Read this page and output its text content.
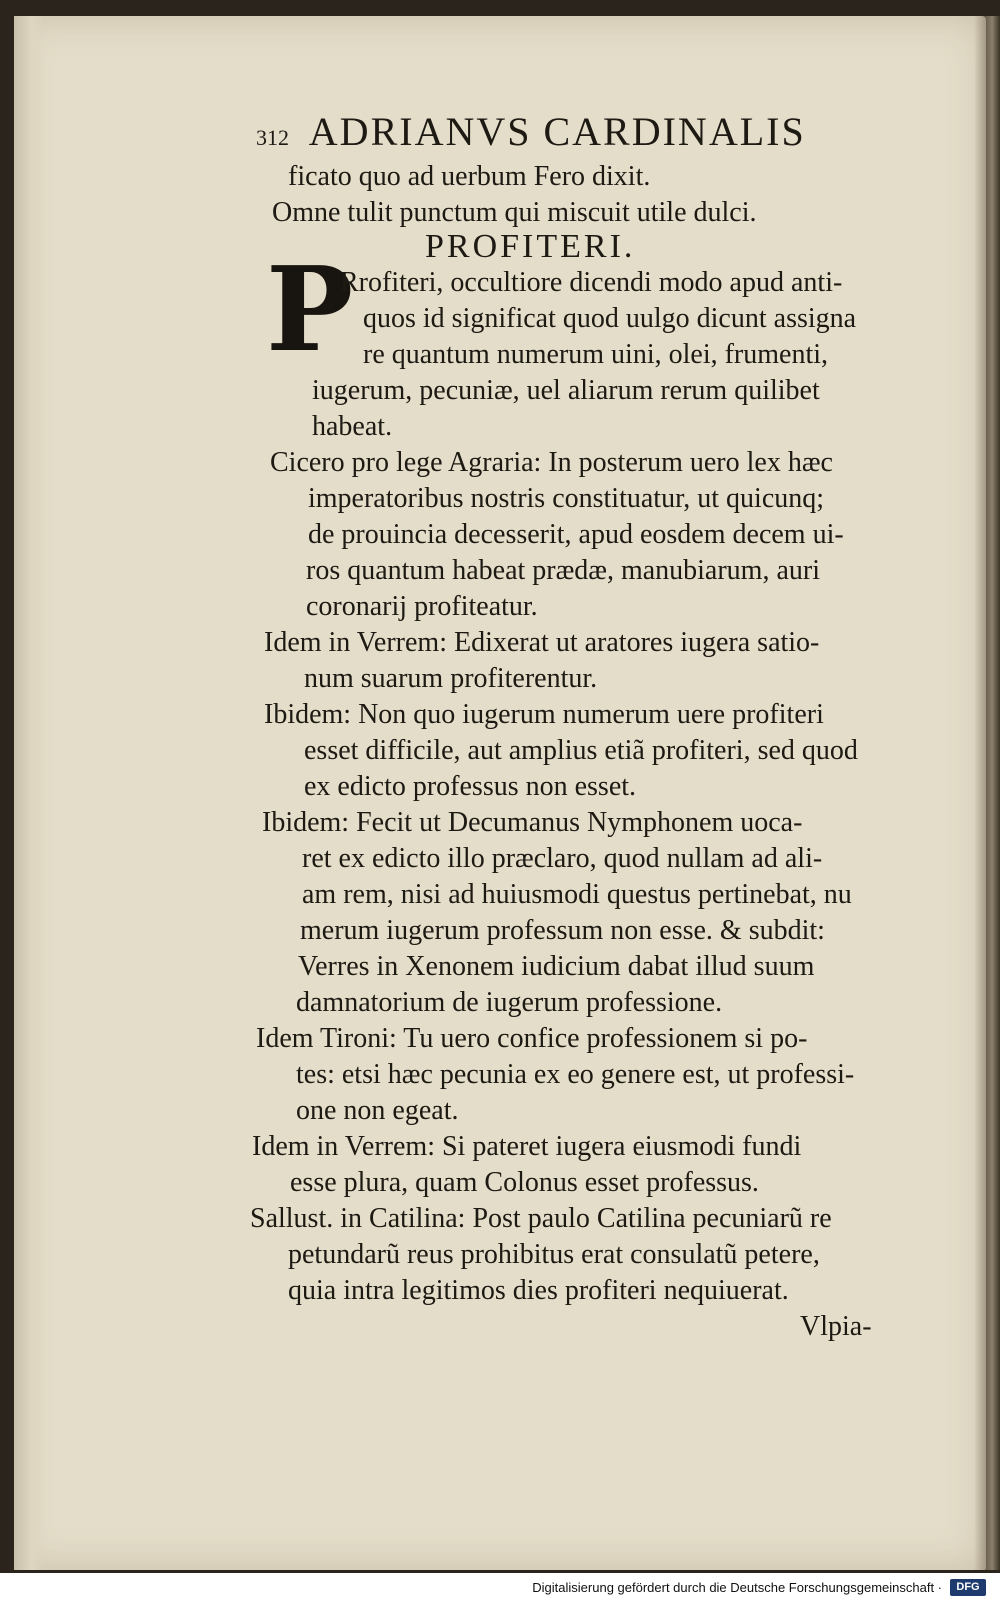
312 ADRIANVS CARDINALIS
ficato quo ad uerbum Fero dixit.
Omne tulit punctum qui miscuit utile dulci.
PROFITERI.
P
Rrofiteri, occultiore dicendi modo apud anti-
quos id significat quod uulgo dicunt assigna
re quantum numerum uini, olei, frumenti,
iugerum, pecuniæ, uel aliarum rerum quilibet
habeat.
Cicero pro lege Agraria: In posterum uero lex hæc
imperatoribus nostris constituatur, ut quicunq;
de prouincia decesserit, apud eosdem decem ui-
ros quantum habeat prædæ, manubiarum, auri
coronarij profiteatur.
Idem in Verrem: Edixerat ut aratores iugera satio-
num suarum profiterentur.
Ibidem: Non quo iugerum numerum uere profiteri
esset difficile, aut amplius etiã profiteri, sed quod
ex edicto professus non esset.
Ibidem: Fecit ut Decumanus Nymphonem uoca-
ret ex edicto illo præclaro, quod nullam ad ali-
am rem, nisi ad huiusmodi questus pertinebat, nu
merum iugerum professum non esse. & subdit:
Verres in Xenonem iudicium dabat illud suum
damnatorium de iugerum professione.
Idem Tironi: Tu uero confice professionem si po-
tes: etsi hæc pecunia ex eo genere est, ut professi-
one non egeat.
Idem in Verrem: Si pateret iugera eiusmodi fundi
esse plura, quam Colonus esset professus.
Sallust. in Catilina: Post paulo Catilina pecuniarũ re
petundarũ reus prohibitus erat consulatũ petere,
quia intra legitimos dies profiteri nequiuerat.
Vlpia-
Digitalisierung gefördert durch die Deutsche Forschungsgemeinschaft ·	DFG
